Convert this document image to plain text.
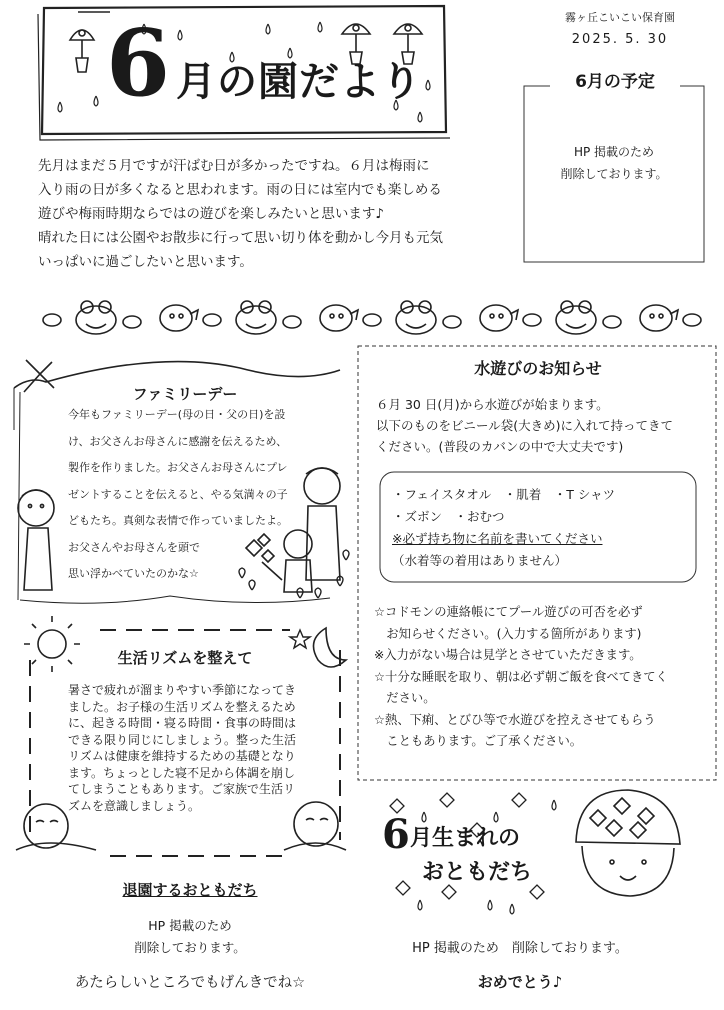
6 月の園だより
霧ヶ丘こいこい保育園
2025. 5. 30
6月の予定
HP 掲載のため
削除しております。
先月はまだ５月ですが汗ばむ日が多かったですね。６月は梅雨に
入り雨の日が多くなると思われます。雨の日には室内でも楽しめる
遊びや梅雨時期ならではの遊びを楽しみたいと思います♪
晴れた日には公園やお散歩に行って思い切り体を動かし今月も元気
いっぱいに過ごしたいと思います。
ファミリーデー
今年もファミリーデー(母の日・父の日)を設
け、お父さんお母さんに感謝を伝えるため、
製作を作りました。お父さんお母さんにプレ
ゼントすることを伝えると、やる気満々の子
どもたち。真剣な表情で作っていましたよ。
お父さんやお母さんを頭で
思い浮かべていたのかな☆
生活リズムを整えて
暑さで疲れが溜まりやすい季節になってき
ました。お子様の生活リズムを整えるため
に、起きる時間・寝る時間・食事の時間は
できる限り同じにしましょう。整った生活
リズムは健康を維持するための基礎となり
ます。ちょっとした寝不足から体調を崩し
てしまうこともあります。ご家族で生活リ
ズムを意識しましょう。
水遊びのお知らせ
６月 30 日(月)から水遊びが始まります。
以下のものをビニール袋(大きめ)に入れて持ってきて
ください。(普段のカバンの中で大丈夫です)
・フェイスタオル　・肌着　・T シャツ
・ズボン　・おむつ
※必ず持ち物に名前を書いてください
（水着等の着用はありません）
☆コドモンの連絡帳にてプール遊びの可否を必ず
　お知らせください。(入力する箇所があります)
※入力がない場合は見学とさせていただきます。
☆十分な睡眠を取り、朝は必ず朝ご飯を食べてきてく
　ださい。
☆熱、下痢、とびひ等で水遊びを控えさせてもらう
　こともあります。ご了承ください。
6 月生まれの
おともだち
HP 掲載のため　削除しております。
おめでとう♪
退園するおともだち
HP 掲載のため
削除しております。
あたらしいところでもげんきでね☆
